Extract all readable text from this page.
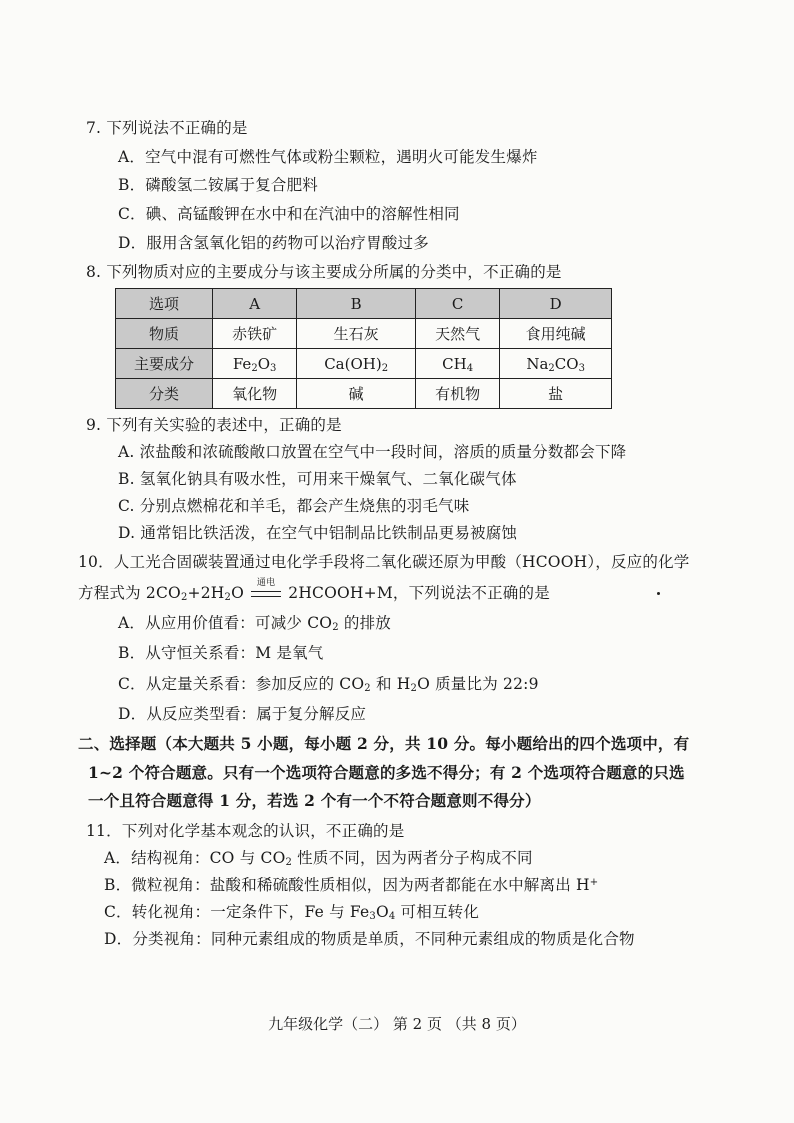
7. 下列说法不正确的是
A．空气中混有可燃性气体或粉尘颗粒，遇明火可能发生爆炸
B．磷酸氢二铵属于复合肥料
C．碘、高锰酸钾在水中和在汽油中的溶解性相同
D．服用含氢氧化铝的药物可以治疗胃酸过多
8. 下列物质对应的主要成分与该主要成分所属的分类中，不正确的是
选项	A	B	C	D
物质	赤铁矿	生石灰	天然气	食用纯碱
主要成分	$Fe_2O_3$	$Ca(OH)_2$	$CH_4$	$Na_2CO_3$
分类	氧化物	碱	有机物	盐
9. 下列有关实验的表述中，正确的是
A. 浓盐酸和浓硫酸敞口放置在空气中一段时间，溶质的质量分数都会下降
B. 氢氧化钠具有吸水性，可用来干燥氧气、二氧化碳气体
C. 分别点燃棉花和羊毛，都会产生烧焦的羽毛气味
D. 通常铝比铁活泼，在空气中铝制品比铁制品更易被腐蚀
10．人工光合固碳装置通过电化学手段将二氧化碳还原为甲酸（HCOOH），反应的化学
方程式为 $2CO_2+2H_2O$
通电
2HCOOH+M，下列说法不正确的是
A．从应用价值看：可减少 $CO_2$ 的排放
B．从守恒关系看：M 是氧气
C．从定量关系看：参加反应的 $CO_2$ 和 $H_2O$ 质量比为 22:9
D．从反应类型看：属于复分解反应
二、选择题（本大题共 5 小题，每小题 2 分，共 10 分。每小题给出的四个选项中，有
1~2 个符合题意。只有一个选项符合题意的多选不得分；有 2 个选项符合题意的只选
一个且符合题意得 1 分，若选 2 个有一个不符合题意则不得分）
11．下列对化学基本观念的认识，不正确的是
A．结构视角：CO 与 $CO_2$ 性质不同，因为两者分子构成不同
B．微粒视角：盐酸和稀硫酸性质相似，因为两者都能在水中解离出 H+
C．转化视角：一定条件下，Fe 与 $Fe_3O_4$ 可相互转化
D．分类视角：同种元素组成的物质是单质，不同种元素组成的物质是化合物
九年级化学（二） 第 2 页 （共 8 页）
